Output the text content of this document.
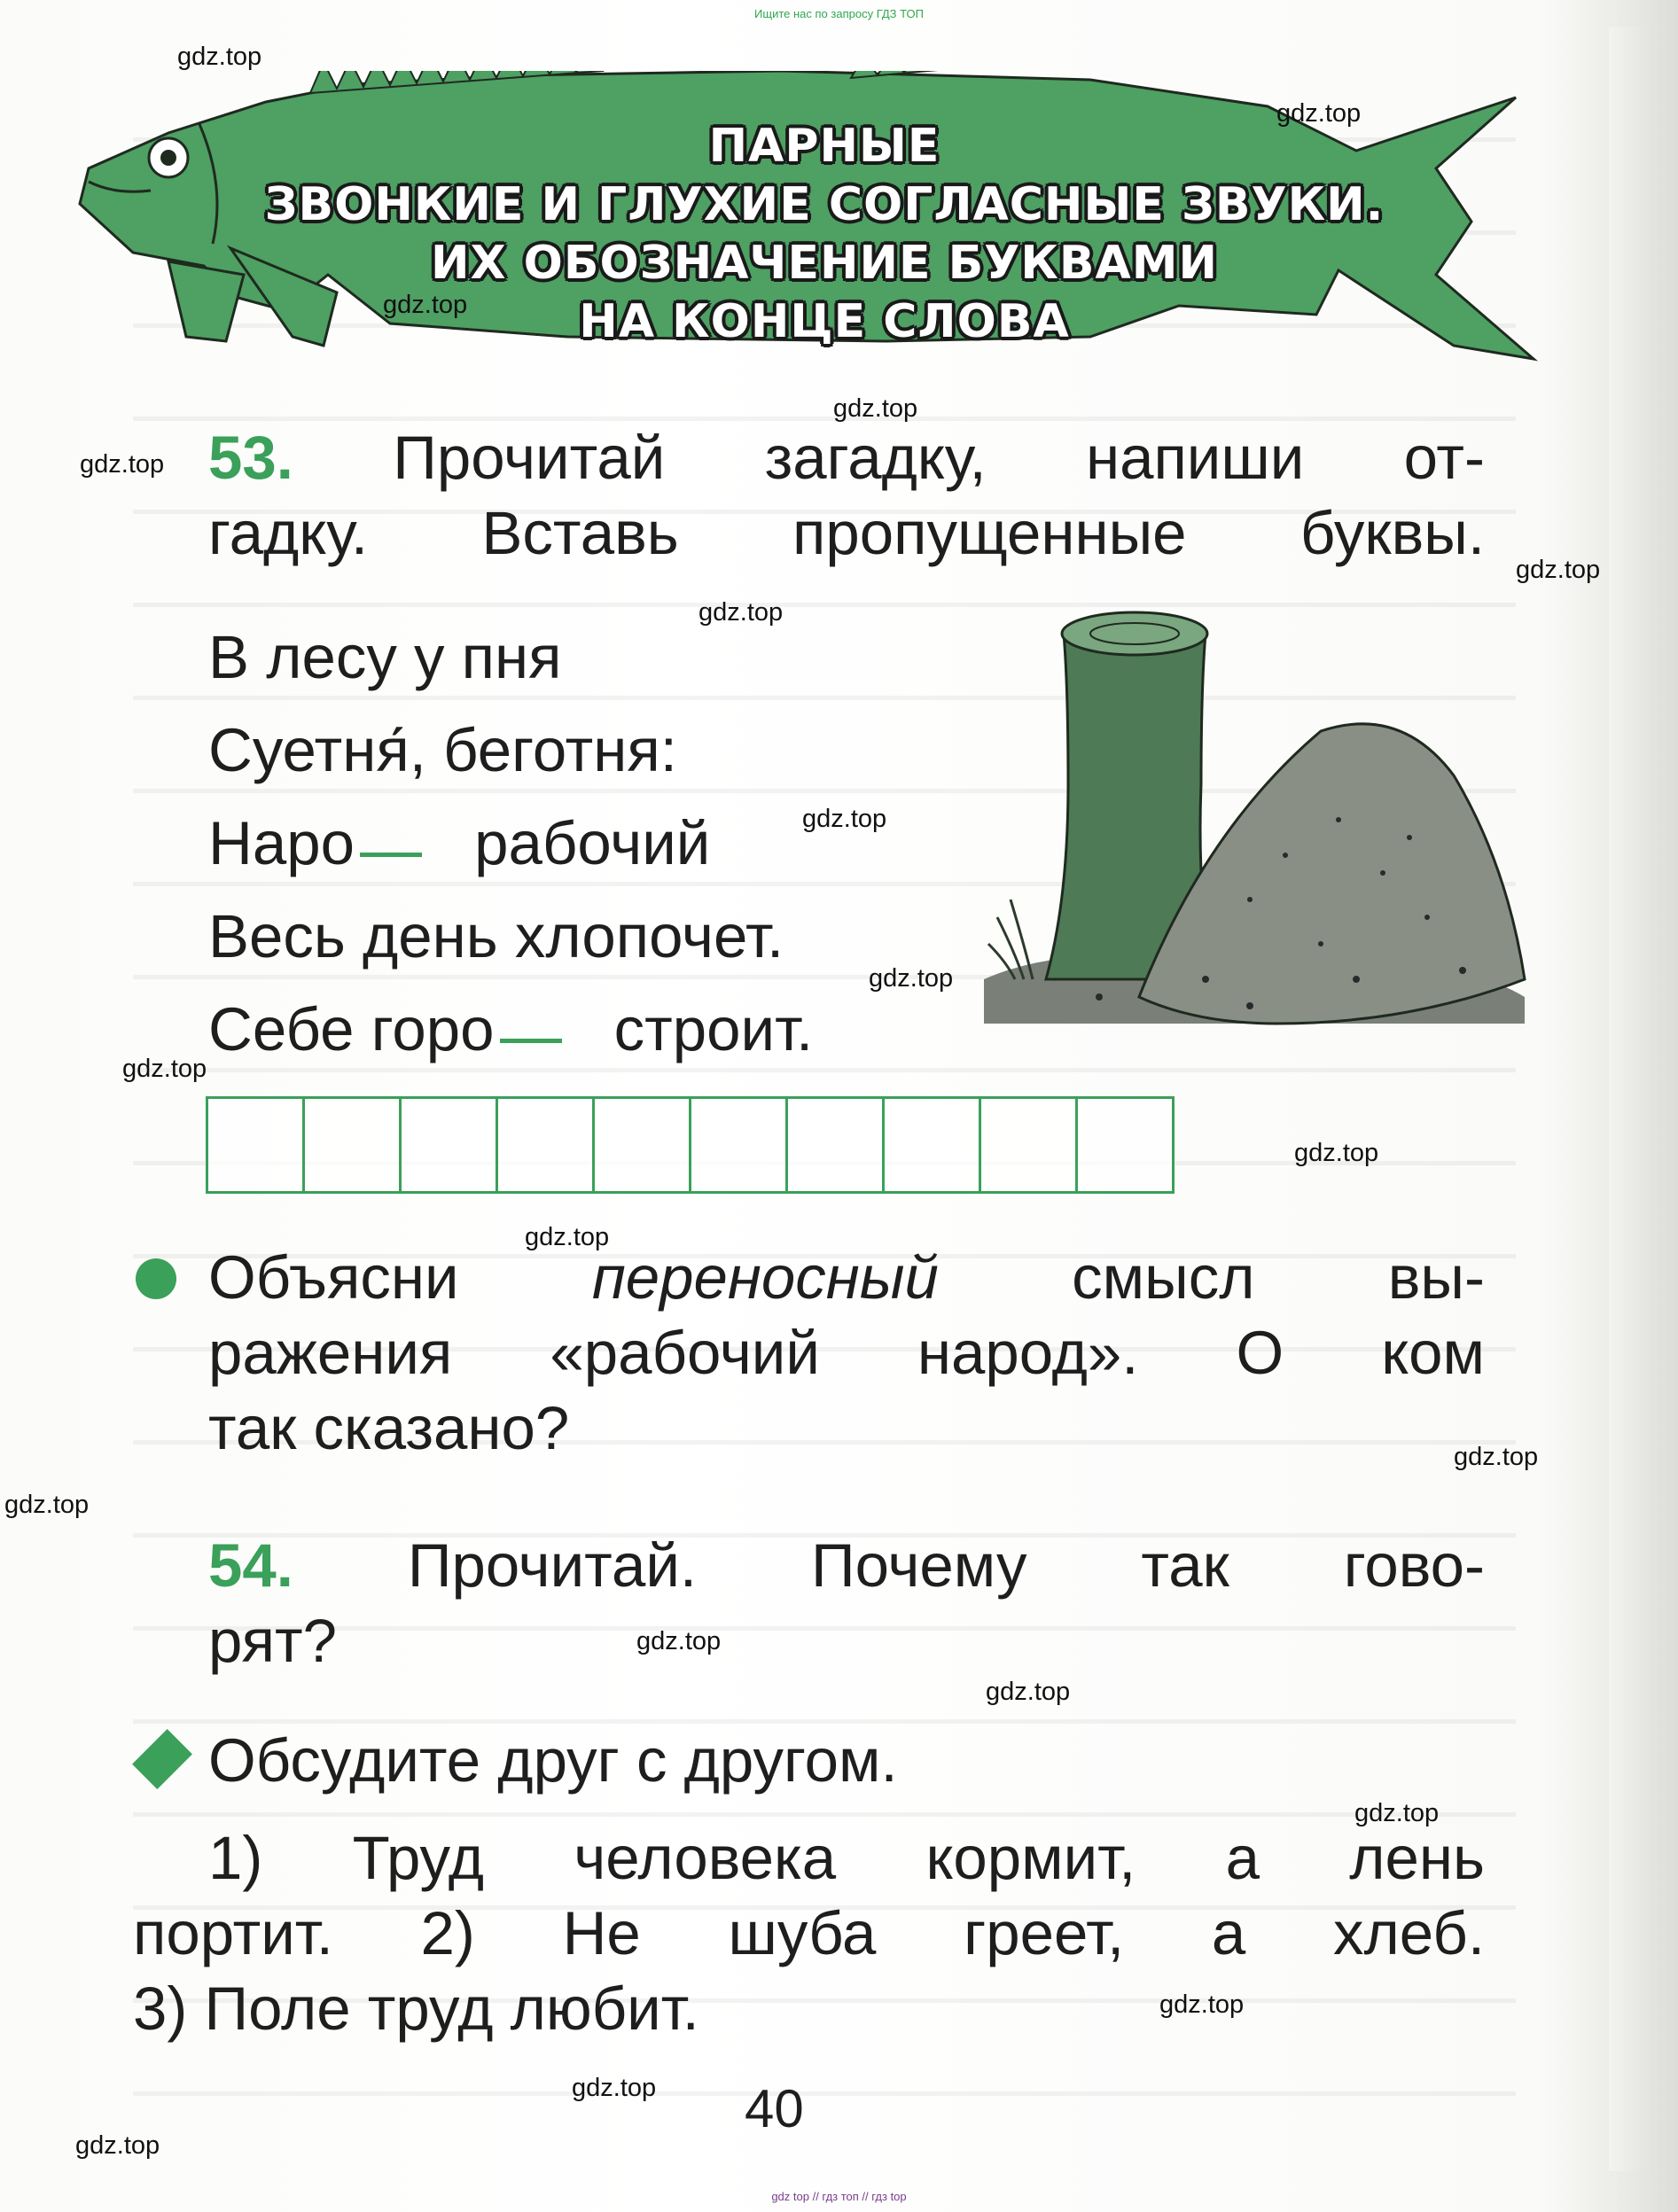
Ищите нас по запросу ГДЗ ТОП
ПАРНЫЕ
ЗВОНКИЕ И ГЛУХИЕ СОГЛАСНЫЕ ЗВУКИ.
ИХ ОБОЗНАЧЕНИЕ БУКВАМИ
НА КОНЦЕ СЛОВА
53. Прочитай загадку, напиши от-
гадку. Вставь пропущенные буквы.
В лесу у пня
Суетня́, беготня:
Наро рабочий
Весь день хлопочет.
Себе горо строит.
Объясни переносный смысл вы-
ражения «рабочий народ». О ком
так сказано?
54. Прочитай. Почему так гово-
рят?
Обсудите друг с другом.
1) Труд человека кормит, а лень
портит. 2) Не шуба греет, а хлеб.
3) Поле труд любит.
40
gdz.top
gdz.top
gdz.top
gdz.top
gdz.top
gdz.top
gdz.top
gdz.top
gdz.top
gdz.top
gdz.top
gdz.top
gdz.top
gdz.top
gdz.top
gdz.top
gdz.top
gdz.top
gdz.top
gdz.top
gdz top // гдз топ // гдз top
